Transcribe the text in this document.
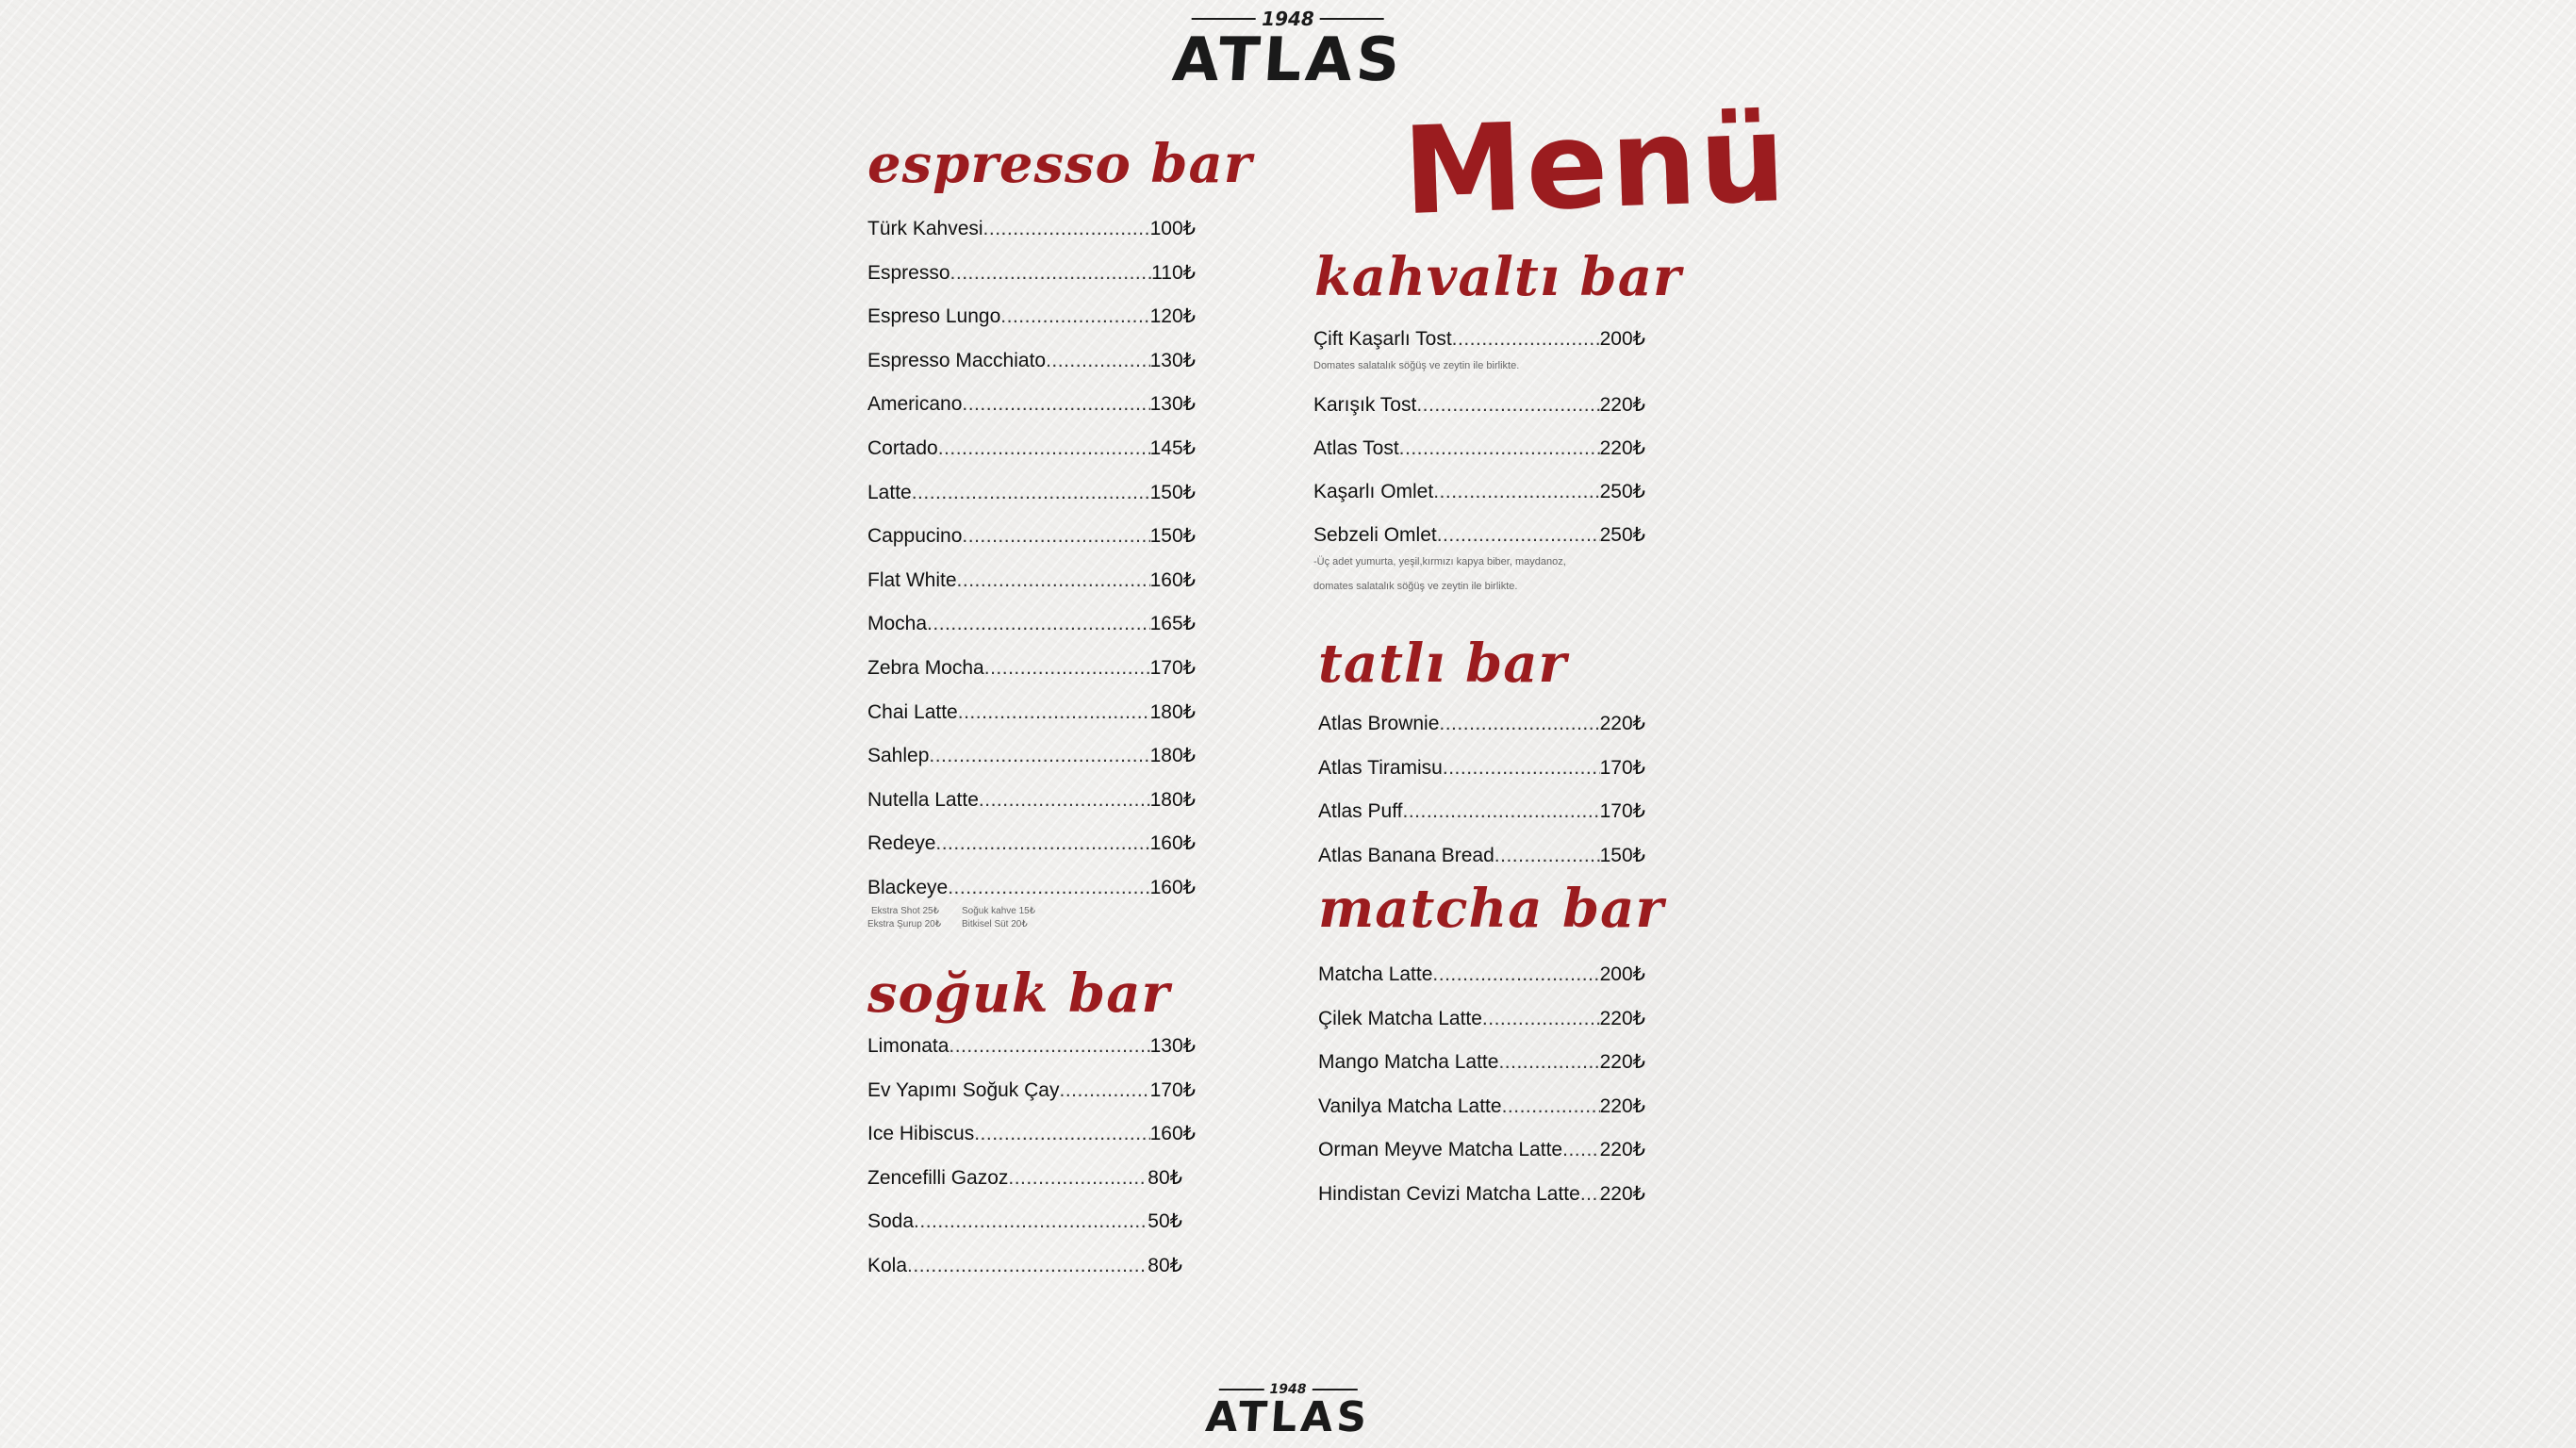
1948
ATLAS
Menü
espresso bar
Türk Kahvesi .....	100₺
Espresso .....	110₺
Espreso Lungo .....	120₺
Espresso Macchiato .....	130₺
Americano .....	130₺
Cortado .....	145₺
Latte .....	150₺
Cappucino .....	150₺
Flat White .....	160₺
Mocha .....	165₺
Zebra Mocha .....	170₺
Chai Latte .....	180₺
Sahlep .....	180₺
Nutella Latte .....	180₺
Redeye .....	160₺
Blackeye .....	160₺
Ekstra Shot 25₺ Soğuk kahve 15₺
Ekstra Şurup 20₺ Bitkisel Süt 20₺
soğuk bar
Limonata .....	130₺
Ev Yapımı Soğuk Çay .....	170₺
Ice Hibiscus .....	160₺
Zencefilli Gazoz .....	80₺
Soda .....	50₺
Kola .....	80₺
kahvaltı bar
Çift Kaşarlı Tost .....	200₺
Domates salatalık söğüş ve zeytin ile birlikte.
Karışık Tost .....	220₺
Atlas Tost .....	220₺
Kaşarlı Omlet .....	250₺
Sebzeli Omlet .....	250₺
-Üç adet yumurta, yeşil,kırmızı kapya biber, maydanoz,
domates salatalık söğüş ve zeytin ile birlikte.
tatlı bar
Atlas Brownie .....	220₺
Atlas Tiramisu .....	170₺
Atlas Puff .....	170₺
Atlas Banana Bread .....	150₺
matcha bar
Matcha Latte .....	200₺
Çilek Matcha Latte .....	220₺
Mango Matcha Latte .....	220₺
Vanilya Matcha Latte .....	220₺
Orman Meyve Matcha Latte ..... 220₺
Hindistan Cevizi Matcha Latte ..... 220₺
1948
ATLAS
